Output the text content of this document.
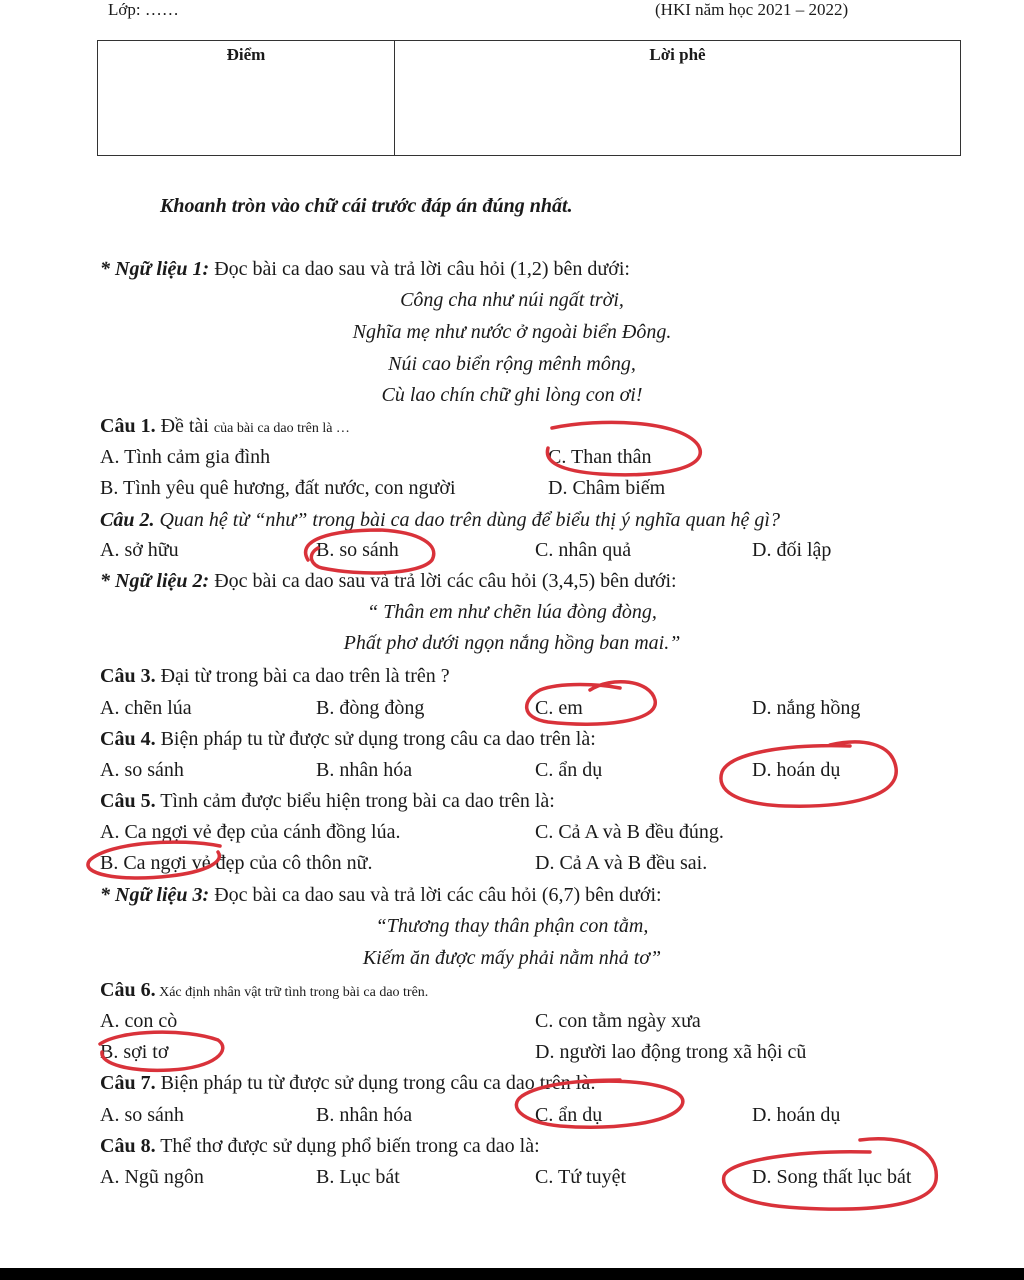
Lớp: ……	(HKI năm học 2021 – 2022)
Điểm	Lời phê
Khoanh tròn vào chữ cái trước đáp án đúng nhất.
* Ngữ liệu 1: Đọc bài ca dao sau và trả lời câu hỏi (1,2) bên dưới:
Công cha như núi ngất trời,
Nghĩa mẹ như nước ở ngoài biển Đông.
Núi cao biển rộng mênh mông,
Cù lao chín chữ ghi lòng con ơi!
Câu 1. Đề tài của bài ca dao trên là …
A. Tình cảm gia đình	C. Than thân
B. Tình yêu quê hương, đất nước, con người	D. Châm biếm
Câu 2. Quan hệ từ “như” trong bài ca dao trên dùng để biểu thị ý nghĩa quan hệ gì?
A. sở hữu	B. so sánh	C. nhân quả	D. đối lập
* Ngữ liệu 2: Đọc bài ca dao sau và trả lời các câu hỏi (3,4,5) bên dưới:
“ Thân em như chẽn lúa đòng đòng,
Phất phơ dưới ngọn nắng hồng ban mai.”
Câu 3. Đại từ trong bài ca dao trên là trên ?
A. chẽn lúa	B. đòng đòng	C. em	D. nắng hồng
Câu 4. Biện pháp tu từ được sử dụng trong câu ca dao trên là:
A. so sánh	B. nhân hóa	C. ẩn dụ	D. hoán dụ
Câu 5. Tình cảm được biểu hiện trong bài ca dao trên là:
A. Ca ngợi vẻ đẹp của cánh đồng lúa.	C. Cả A và B đều đúng.
B. Ca ngợi vẻ đẹp của cô thôn nữ.	D. Cả A và B đều sai.
* Ngữ liệu 3: Đọc bài ca dao sau và trả lời các câu hỏi (6,7) bên dưới:
“Thương thay thân phận con tằm,
Kiếm ăn được mấy phải nằm nhả tơ”
Câu 6. Xác định nhân vật trữ tình trong bài ca dao trên.
A. con cò	C. con tằm ngày xưa
B. sợi tơ	D. người lao động trong xã hội cũ
Câu 7. Biện pháp tu từ được sử dụng trong câu ca dao trên là:
A. so sánh	B. nhân hóa	C. ẩn dụ	D. hoán dụ
Câu 8. Thể thơ được sử dụng phổ biến trong ca dao là:
A. Ngũ ngôn	B. Lục bát	C. Tứ tuyệt	D. Song thất lục bát
